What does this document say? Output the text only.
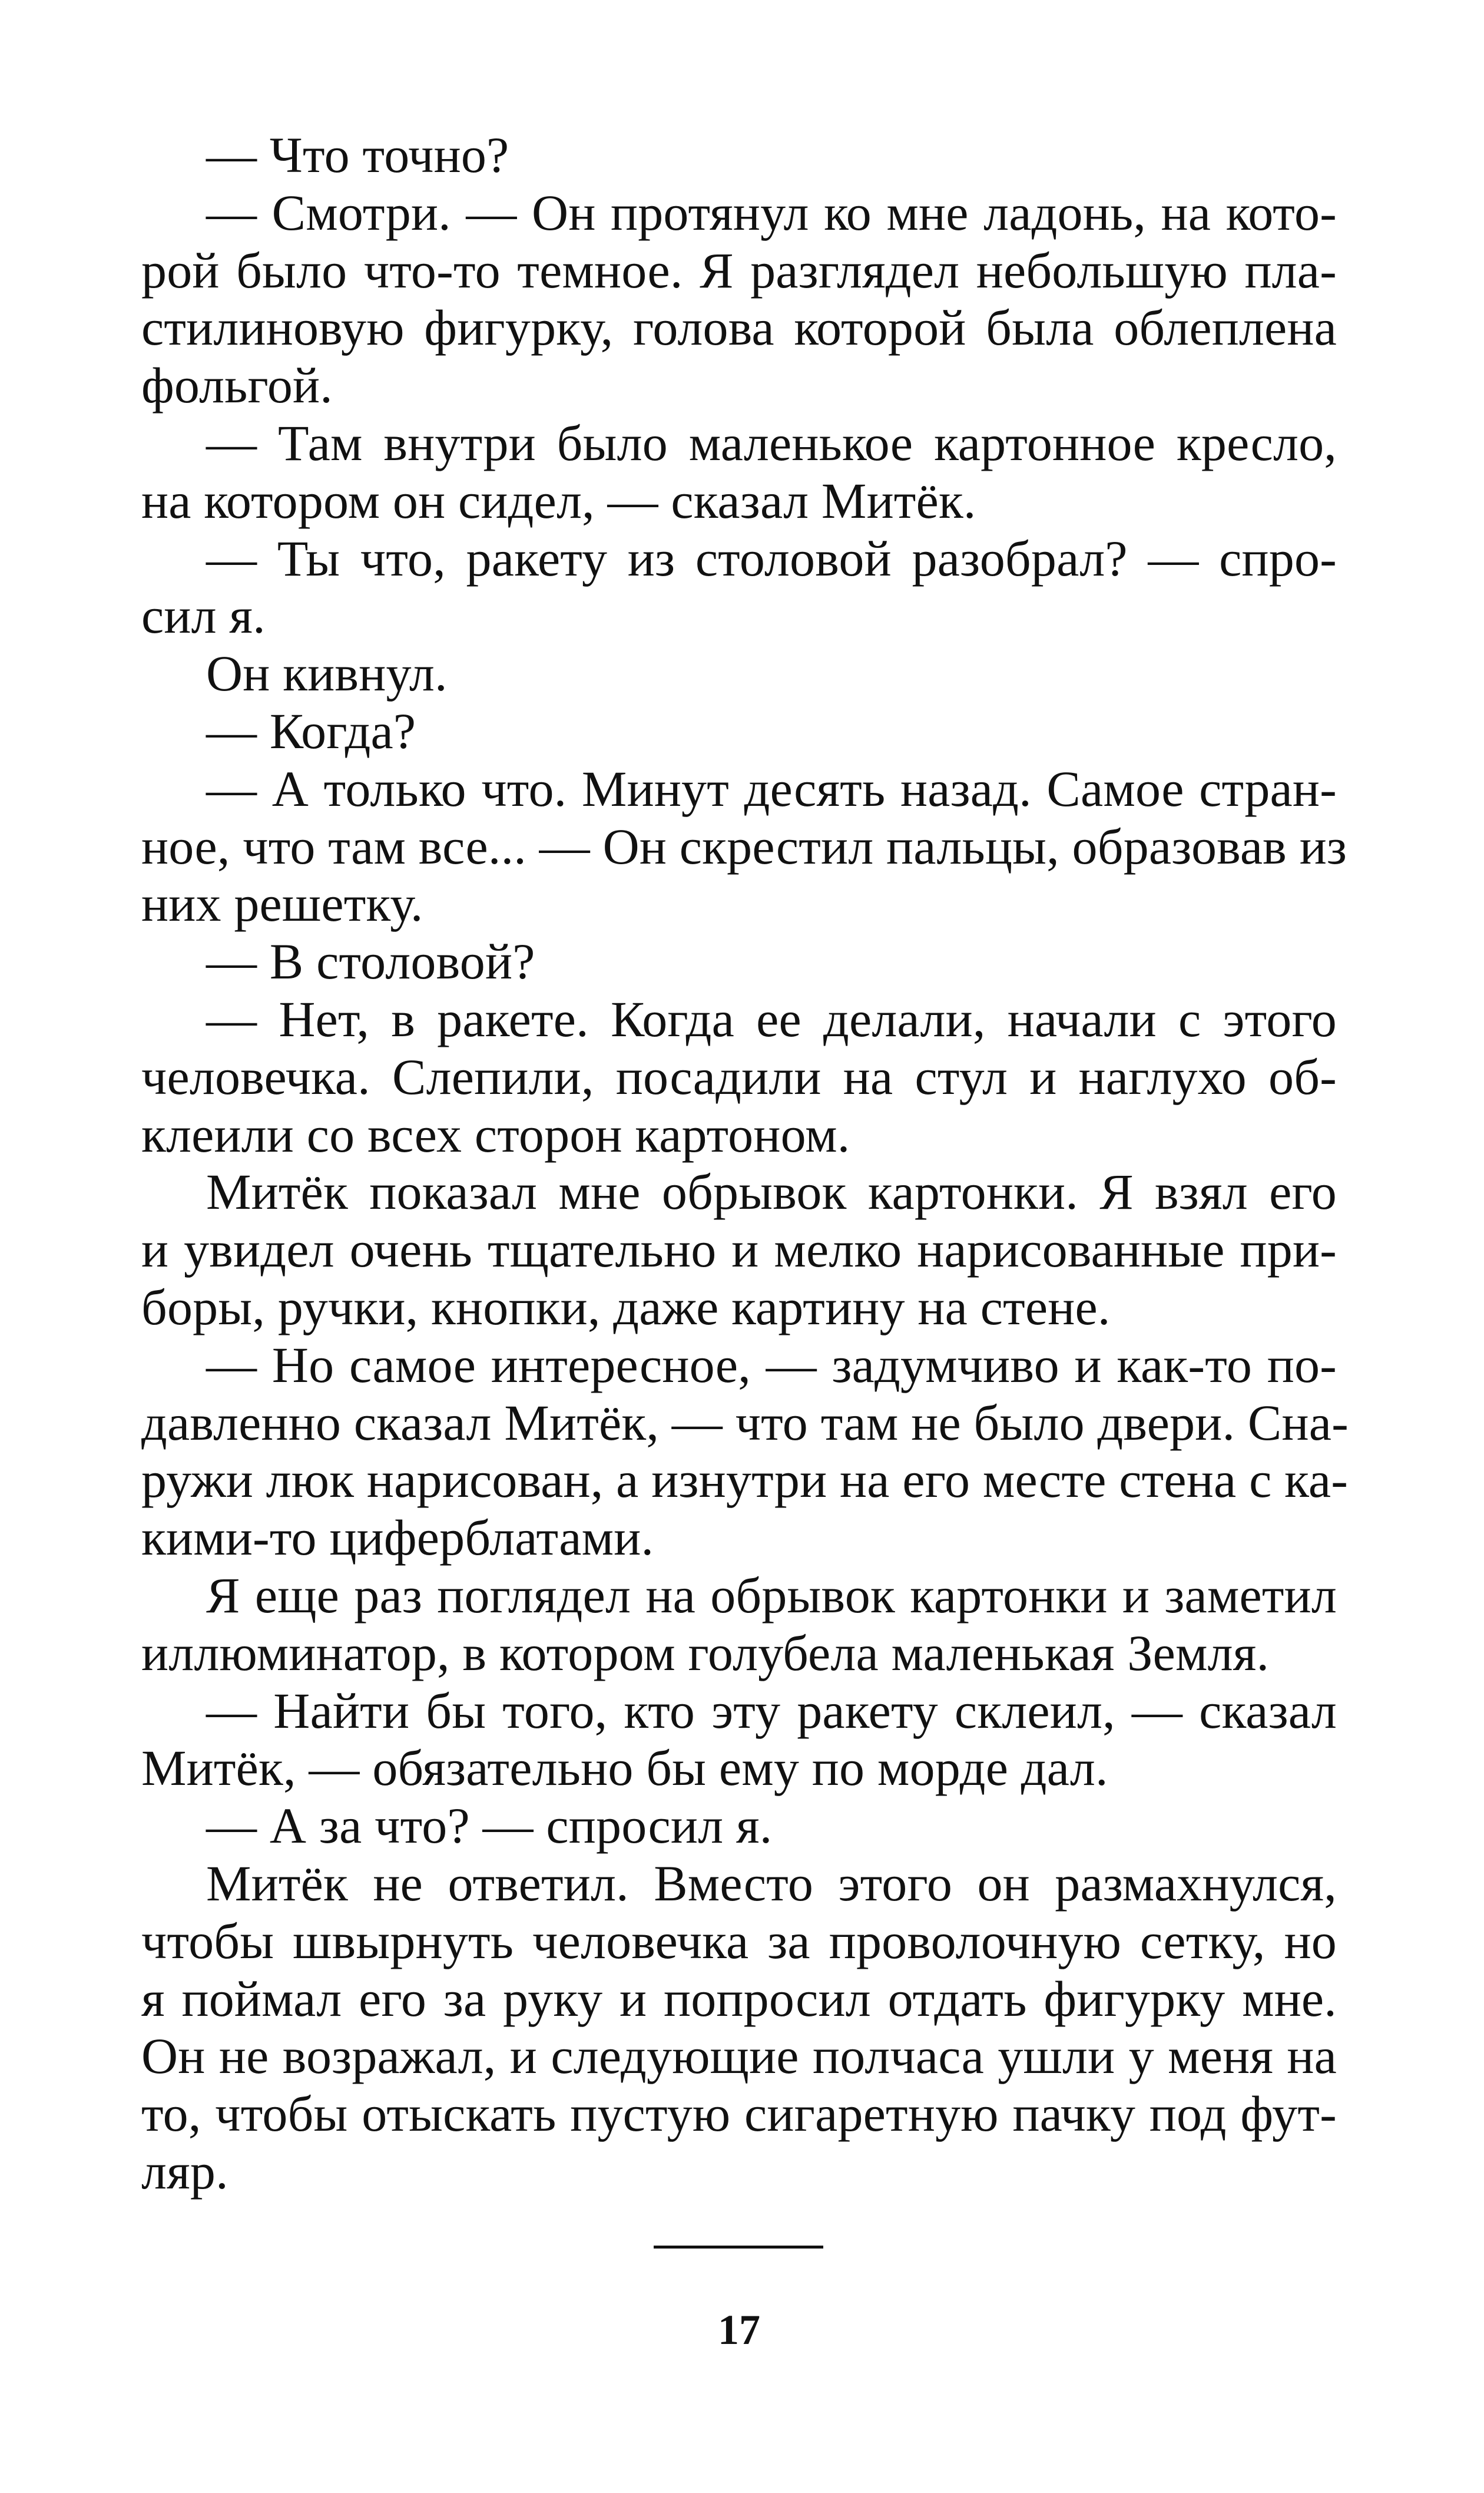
— Что точно?
— Смотри. — Он протянул ко мне ладонь, на кото-
рой было что-то темное. Я разглядел небольшую пла-
стилиновую фигурку, голова которой была облеплена
фольгой.
— Там внутри было маленькое картонное кресло,
на котором он сидел, — сказал Митёк.
— Ты что, ракету из столовой разобрал? — спро-
сил я.
Он кивнул.
— Когда?
— А только что. Минут десять назад. Самое стран-
ное, что там все... — Он скрестил пальцы, образовав из
них решетку.
— В столовой?
— Нет, в ракете. Когда ее делали, начали с этого
человечка. Слепили, посадили на стул и наглухо об-
клеили со всех сторон картоном.
Митёк показал мне обрывок картонки. Я взял его
и увидел очень тщательно и мелко нарисованные при-
боры, ручки, кнопки, даже картину на стене.
— Но самое интересное, — задумчиво и как-то по-
давленно сказал Митёк, — что там не было двери. Сна-
ружи люк нарисован, а изнутри на его месте стена с ка-
кими-то циферблатами.
Я еще раз поглядел на обрывок картонки и заметил
иллюминатор, в котором голубела маленькая Земля.
— Найти бы того, кто эту ракету склеил, — сказал
Митёк, — обязательно бы ему по морде дал.
— А за что? — спросил я.
Митёк не ответил. Вместо этого он размахнулся,
чтобы швырнуть человечка за проволочную сетку, но
я поймал его за руку и попросил отдать фигурку мне.
Он не возражал, и следующие полчаса ушли у меня на
то, чтобы отыскать пустую сигаретную пачку под фут-
ляр.
17
